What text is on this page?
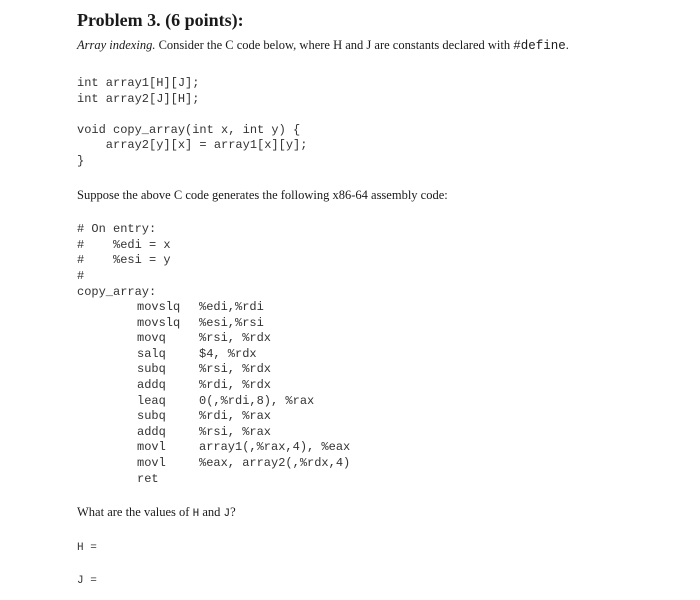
Problem 3. (6 points):
Array indexing. Consider the C code below, where H and J are constants declared with #define.
int array1[H][J];
int array2[J][H];

void copy_array(int x, int y) {
array2[y][x] = array1[x][y];
}
Suppose the above C code generates the following x86-64 assembly code:
# On entry:
#    %edi = x
#    %esi = y
#
copy_array:
movslq %edi,%rdi
movslq %esi,%rsi
movq	%rsi, %rdx
salq	$4, %rdx
subq	%rsi, %rdx
addq	%rdi, %rdx
leaq	0(,%rdi,8), %rax
subq	%rdi, %rax
addq	%rsi, %rax
movl	array1(,%rax,4), %eax
movl	%eax, array2(,%rdx,4)
ret
What are the values of H and J?
H =
J =
